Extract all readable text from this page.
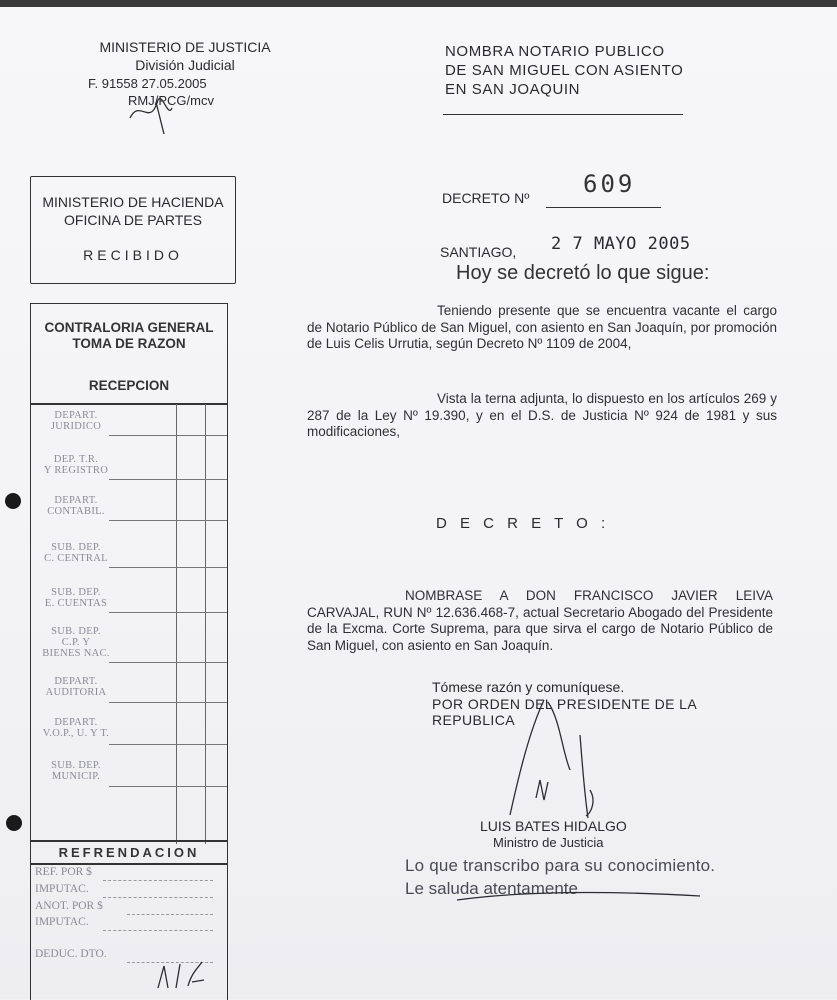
MINISTERIO DE JUSTICIA
División Judicial
F. 91558 27.05.2005
RMJ/PCG/mcv
NOMBRA NOTARIO PUBLICO
DE SAN MIGUEL CON ASIENTO
EN SAN JOAQUIN
MINISTERIO DE HACIENDA
OFICINA DE PARTES
RECIBIDO
CONTRALORIA GENERAL
TOMA DE RAZON
RECEPCION
DEPART.
JURIDICO
DEP. T.R.
Y REGISTRO
DEPART.
CONTABIL.
SUB. DEP.
C. CENTRAL
SUB. DEP.
E. CUENTAS
SUB. DEP.
C.P. Y
BIENES NAC.
DEPART.
AUDITORIA
DEPART.
V.O.P., U. Y T.
SUB. DEP.
MUNICIP.
REFRENDACION
REF. POR $
IMPUTAC.
ANOT. POR $
IMPUTAC.
DEDUC. DTO.
DECRETO Nº 609
SANTIAGO, 2 7 MAYO 2005
Hoy se decretó lo que sigue:
Teniendo presente que se encuentra vacante el cargo de Notario Público de San Miguel, con asiento en San Joaquín, por promoción de Luis Celis Urrutia, según Decreto Nº 1109 de 2004,
Vista la terna adjunta, lo dispuesto en los artículos 269 y 287 de la Ley Nº 19.390, y en el D.S. de Justicia Nº 924 de 1981 y sus modificaciones,
D E C R E T O :
NOMBRASE A DON FRANCISCO JAVIER LEIVA CARVAJAL, RUN Nº 12.636.468-7, actual Secretario Abogado del Presidente de la Excma. Corte Suprema, para que sirva el cargo de Notario Público de San Miguel, con asiento en San Joaquín.
Tómese razón y comuníquese.
POR ORDEN DEL PRESIDENTE DE LA REPUBLICA
LUIS BATES HIDALGO
Ministro de Justicia
Lo que transcribo para su conocimiento.
Le saluda atentamente
